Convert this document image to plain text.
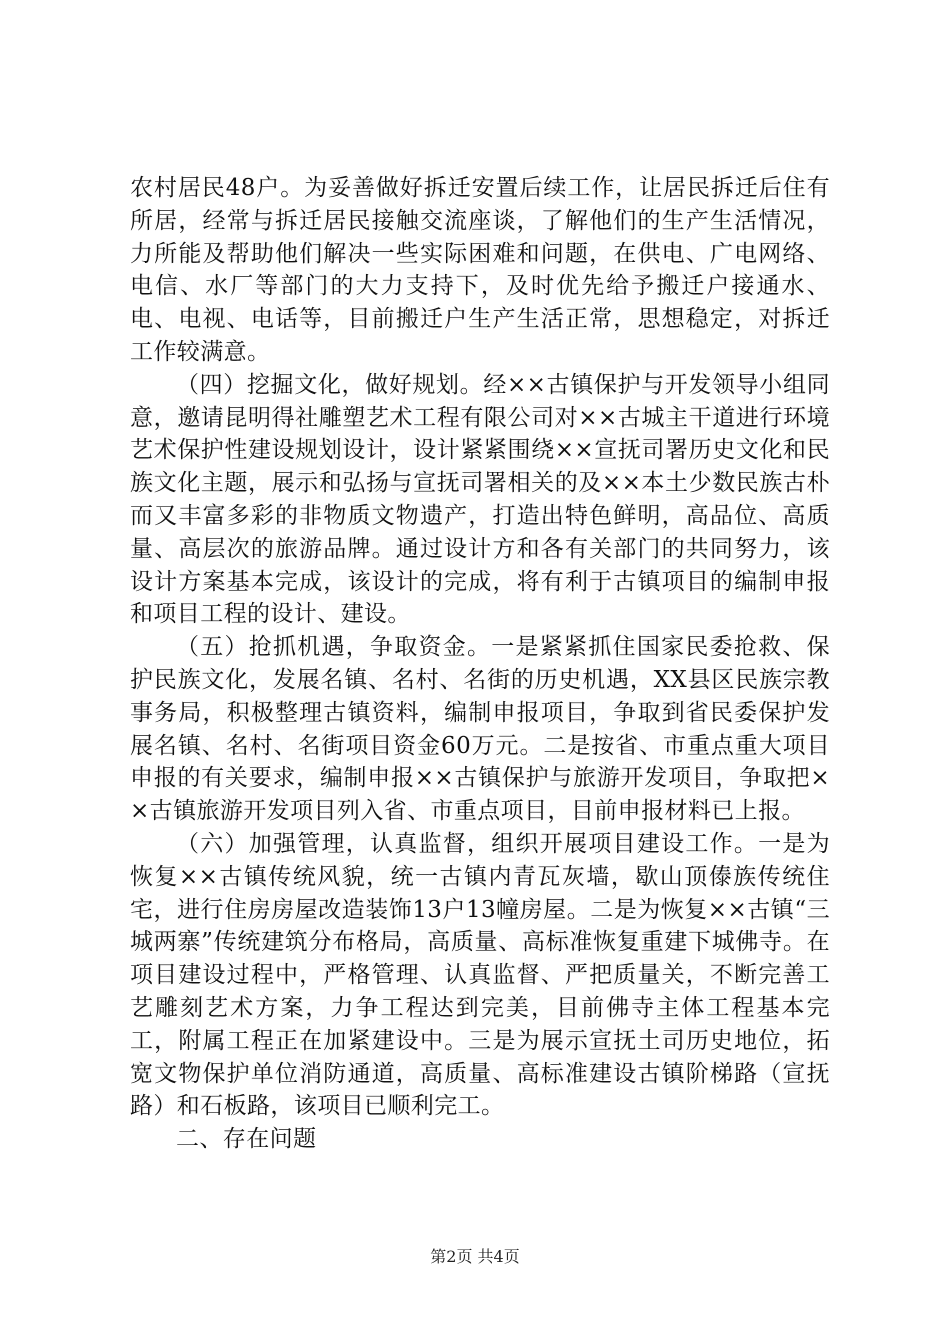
农村居民48户。为妥善做好拆迁安置后续工作，让居民拆迁后住有所居，经常与拆迁居民接触交流座谈，了解他们的生产生活情况，力所能及帮助他们解决一些实际困难和问题，在供电、广电网络、电信、水厂等部门的大力支持下，及时优先给予搬迁户接通水、电、电视、电话等，目前搬迁户生产生活正常，思想稳定，对拆迁工作较满意。

（四）挖掘文化，做好规划。经××古镇保护与开发领导小组同意，邀请昆明得社雕塑艺术工程有限公司对××古城主干道进行环境艺术保护性建设规划设计，设计紧紧围绕××宣抚司署历史文化和民族文化主题，展示和弘扬与宣抚司署相关的及××本土少数民族古朴而又丰富多彩的非物质文物遗产，打造出特色鲜明，高品位、高质量、高层次的旅游品牌。通过设计方和各有关部门的共同努力，该设计方案基本完成，该设计的完成，将有利于古镇项目的编制申报和项目工程的设计、建设。

（五）抢抓机遇，争取资金。一是紧紧抓住国家民委抢救、保护民族文化，发展名镇、名村、名街的历史机遇，XX县区民族宗教事务局，积极整理古镇资料，编制申报项目，争取到省民委保护发展名镇、名村、名街项目资金60万元。二是按省、市重点重大项目申报的有关要求，编制申报××古镇保护与旅游开发项目，争取把××古镇旅游开发项目列入省、市重点项目，目前申报材料已上报。

（六）加强管理，认真监督，组织开展项目建设工作。一是为恢复××古镇传统风貌，统一古镇内青瓦灰墙，歇山顶傣族传统住宅，进行住房房屋改造装饰13户13幢房屋。二是为恢复××古镇“三城两寨”传统建筑分布格局，高质量、高标准恢复重建下城佛寺。在项目建设过程中，严格管理、认真监督、严把质量关，不断完善工艺雕刻艺术方案，力争工程达到完美，目前佛寺主体工程基本完工，附属工程正在加紧建设中。三是为展示宣抚土司历史地位，拓宽文物保护单位消防通道，高质量、高标准建设古镇阶梯路（宣抚路）和石板路，该项目已顺利完工。

二、存在问题

第2页 共4页
